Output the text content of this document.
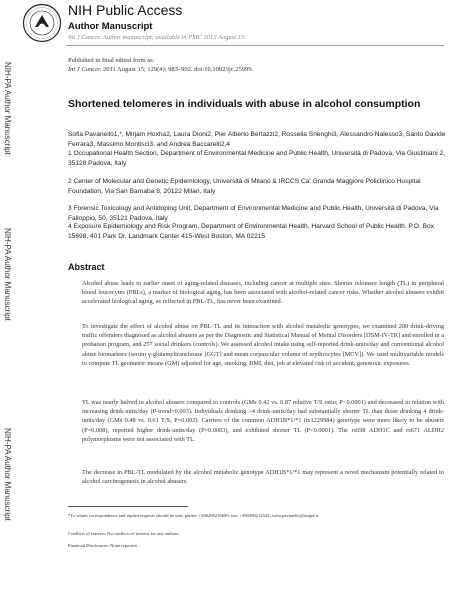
NIH Public Access
Author Manuscript
Int J Cancer. Author manuscript; available in PMC 2012 August 15.
Published in final edited form as:
Int J Cancer. 2011 August 15; 129(4): 983–992. doi:10.1002/ijc.25999.
NIH-PA Author Manuscript
NIH-PA Author Manuscript
NIH-PA Author Manuscript
Shortened telomeres in individuals with abuse in alcohol consumption
Sofia Pavanello1,*, Mirjam Hoxha2, Laura Dioni2, Pier Alberto Bertazzi2, Rossella Snenghi3, Alessandro Nalesso3, Santo Davide Ferrara3, Massimo Montisci3, and Andrea Baccarelli2,4
1 Occupational Health Section, Department of Environmental Medicine and Public Health, Università di Padova, Via Giustiniani 2, 35128 Padova, Italy
2 Center of Molecular and Genetic Epidemiology, Università di Milano & IRCCS Ca' Granda Maggiore Policlinico Hospital Foundation, Via San Barnaba 8, 20122 Milan, Italy
3 Forensic Toxicology and Antidoping Unit, Department of Environmental Medicine and Public Health, Università di Padova, Via Falloppio, 50, 35121 Padova, Italy
4 Exposure Epidemiology and Risk Program, Department of Environmental Health, Harvard School of Public Health, P.O. Box 15698, 401 Park Dr, Landmark Center 415-West Boston, MA 02215
Abstract
Alcohol abuse leads to earlier onset of aging-related diseases, including cancer at multiple sites. Shorter telomere length (TL) in peripheral blood leucocytes (PBLs), a marker of biological aging, has been associated with alcohol-related cancer risks. Whether alcohol abusers exhibit accelerated biological aging, as reflected in PBL-TL, has never been examined.
To investigate the effect of alcohol abuse on PBL-TL and its interaction with alcohol metabolic genotypes, we examined 200 drink-driving traffic offenders diagnosed as alcohol abusers as per the Diagnostic and Statistical Manual of Mental Disorders [DSM-IV-TR] and enrolled in a probation program, and 257 social drinkers (controls). We assessed alcohol intake using self-reported drink-units/day and conventional alcohol abuse biomarkers (serum γ-glutamyltransferase [GGT] and mean corpuscular volume of erythrocytes [MCV]). We used multivariable models to compute TL geometric means (GM) adjusted for age, smoking, BMI, diet, job at elevated risk of accident, genotoxic exposures.
TL was nearly halved in alcohol abusers compared to controls (GMs 0.42 vs. 0.87 relative T/S ratio; P<0.0001) and decreased in relation with increasing drink-units/day (P-trend=0.003). Individuals drinking >4 drink-units/day had substantially shorter TL than those drinking 4 drink-units/day (GMs 0.48 vs. 0.61 T/S, P=0.002). Carriers of the common ADH1B*1/*1 (rs1229984) genotype were more likely to be abusers (P=0.008), reported higher drink-units/day (P=0.0003), and exhibited shorter TL (P<0.0001). The rs698 ADH1C and rs671 ALDH2 polymorphisms were not associated with TL.
The decrease in PBL-TL modulated by the alcohol metabolic genotype ADH1B*1/*1 may represent a novel mechanism potentially related to alcohol carcinogenesis in alcohol abusers.
*To whom correspondence and reprint requests should be sent, phone: +390498216600; fax: +390498212542; sofia.pavanello@unipd.it.
Conflicts of Interest: No conflicts of interest for any authors.
Financial Disclosures: None reported.
